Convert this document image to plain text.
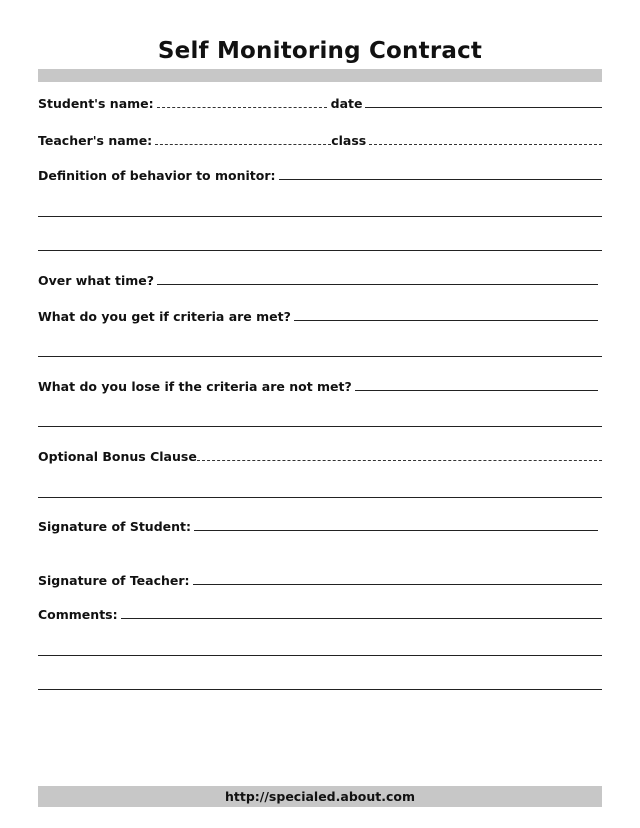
Self Monitoring Contract
Student's name:	date
Teacher's name:	class
Definition of behavior to monitor:
Over what time?
What do you get if criteria are met?
What do you lose if the criteria are not met?
Optional Bonus Clause
Signature of Student:
Signature of Teacher:
Comments:
http://specialed.about.com
